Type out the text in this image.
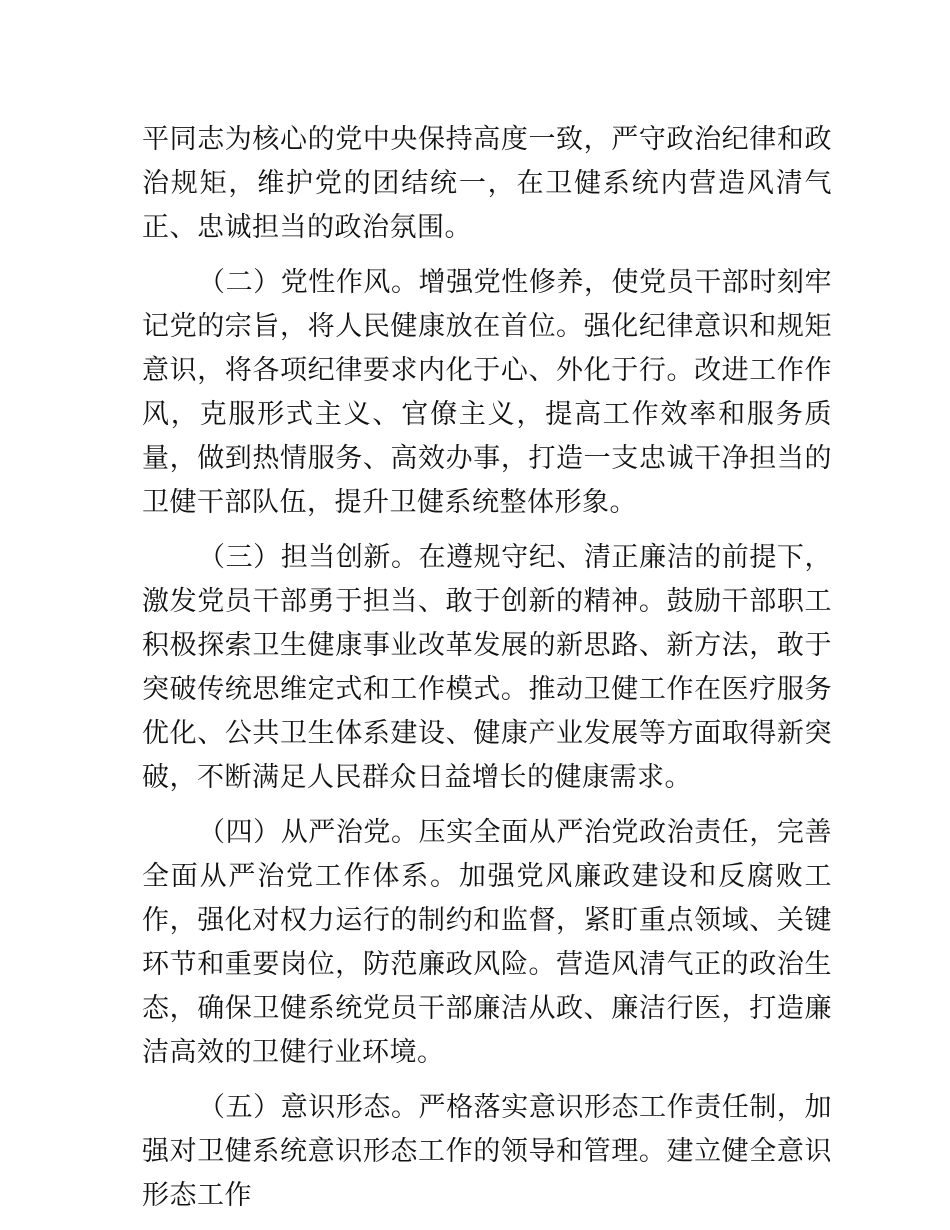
平同志为核心的党中央保持高度一致，严守政治纪律和政治规矩，维护党的团结统一，在卫健系统内营造风清气正、忠诚担当的政治氛围。

（二）党性作风。增强党性修养，使党员干部时刻牢记党的宗旨，将人民健康放在首位。强化纪律意识和规矩意识，将各项纪律要求内化于心、外化于行。改进工作作风，克服形式主义、官僚主义，提高工作效率和服务质量，做到热情服务、高效办事，打造一支忠诚干净担当的卫健干部队伍，提升卫健系统整体形象。

（三）担当创新。在遵规守纪、清正廉洁的前提下，激发党员干部勇于担当、敢于创新的精神。鼓励干部职工积极探索卫生健康事业改革发展的新思路、新方法，敢于突破传统思维定式和工作模式。推动卫健工作在医疗服务优化、公共卫生体系建设、健康产业发展等方面取得新突破，不断满足人民群众日益增长的健康需求。

（四）从严治党。压实全面从严治党政治责任，完善全面从严治党工作体系。加强党风廉政建设和反腐败工作，强化对权力运行的制约和监督，紧盯重点领域、关键环节和重要岗位，防范廉政风险。营造风清气正的政治生态，确保卫健系统党员干部廉洁从政、廉洁行医，打造廉洁高效的卫健行业环境。

（五）意识形态。严格落实意识形态工作责任制，加强对卫健系统意识形态工作的领导和管理。建立健全意识形态工作
